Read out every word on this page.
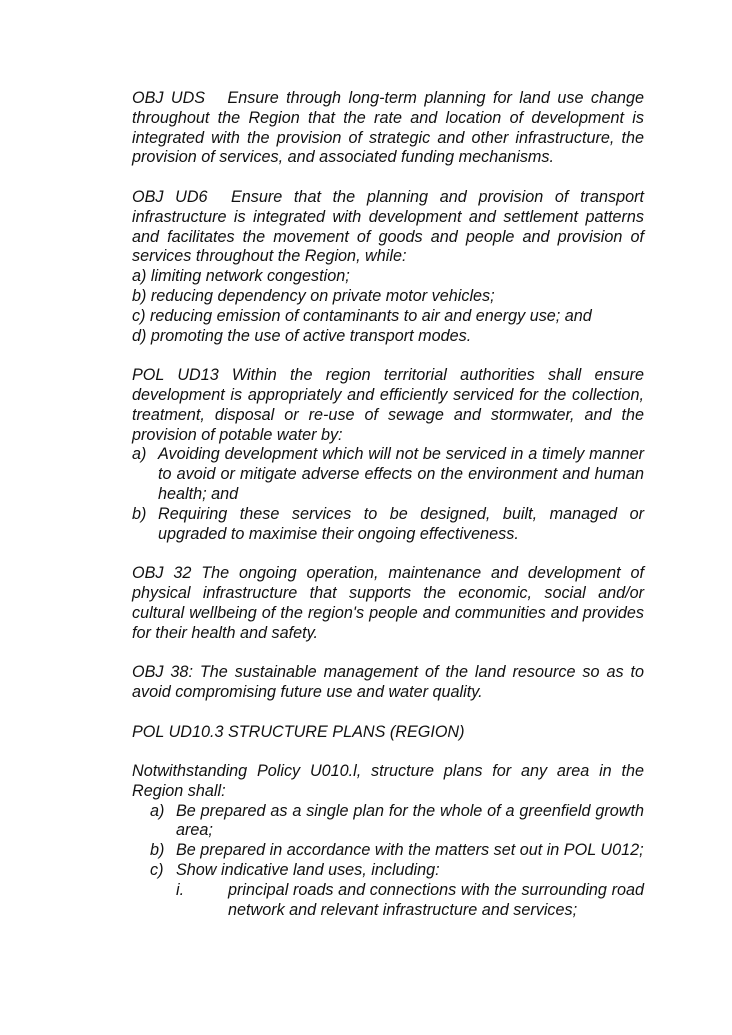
OBJ UDS   Ensure through long-term planning for land use change throughout the Region that the rate and location of development is integrated with the provision of strategic and other infrastructure, the provision of services, and associated funding mechanisms.

OBJ UD6  Ensure that the planning and provision of transport infrastructure is integrated with development and settlement patterns and facilitates the movement of goods and people and provision of services throughout the Region, while:

a) limiting network congestion;

b) reducing dependency on private motor vehicles;

c) reducing emission of contaminants to air and energy use; and

d) promoting the use of active transport modes.

POL UD13 Within the region territorial authorities shall ensure development is appropriately and efficiently serviced for the collection, treatment, disposal or re-use of sewage and stormwater, and the provision of potable water by:

a) Avoiding development which will not be serviced in a timely manner to avoid or mitigate adverse effects on the environment and human health; and
b) Requiring these services to be designed, built, managed or upgraded to maximise their ongoing effectiveness.

OBJ 32 The ongoing operation, maintenance and development of physical infrastructure that supports the economic, social and/or cultural wellbeing of the region's people and communities and provides for their health and safety.

OBJ 38: The sustainable management of the land resource so as to avoid compromising future use and water quality.

POL UD10.3 STRUCTURE PLANS (REGION)

Notwithstanding Policy U010.l, structure plans for any area in the Region shall:

a) Be prepared as a single plan for the whole of a greenfield growth area;
b) Be prepared in accordance with the matters set out in POL U012;
c) Show indicative land uses, including:
i.	principal roads and connections with the surrounding road network and relevant infrastructure and services;
